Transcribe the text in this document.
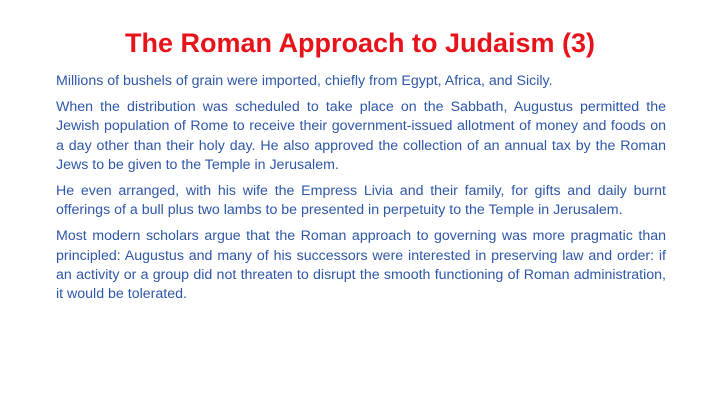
The Roman Approach to Judaism (3)

Millions of bushels of grain were imported, chiefly from Egypt, Africa, and Sicily.

When the distribution was scheduled to take place on the Sabbath, Augustus permitted the Jewish population of Rome to receive their government-issued allotment of money and foods on a day other than their holy day. He also approved the collection of an annual tax by the Roman Jews to be given to the Temple in Jerusalem.

He even arranged, with his wife the Empress Livia and their family, for gifts and daily burnt offerings of a bull plus two lambs to be presented in perpetuity to the Temple in Jerusalem.

Most modern scholars argue that the Roman approach to governing was more pragmatic than principled: Augustus and many of his successors were interested in preserving law and order: if an activity or a group did not threaten to disrupt the smooth functioning of Roman administration, it would be tolerated.
